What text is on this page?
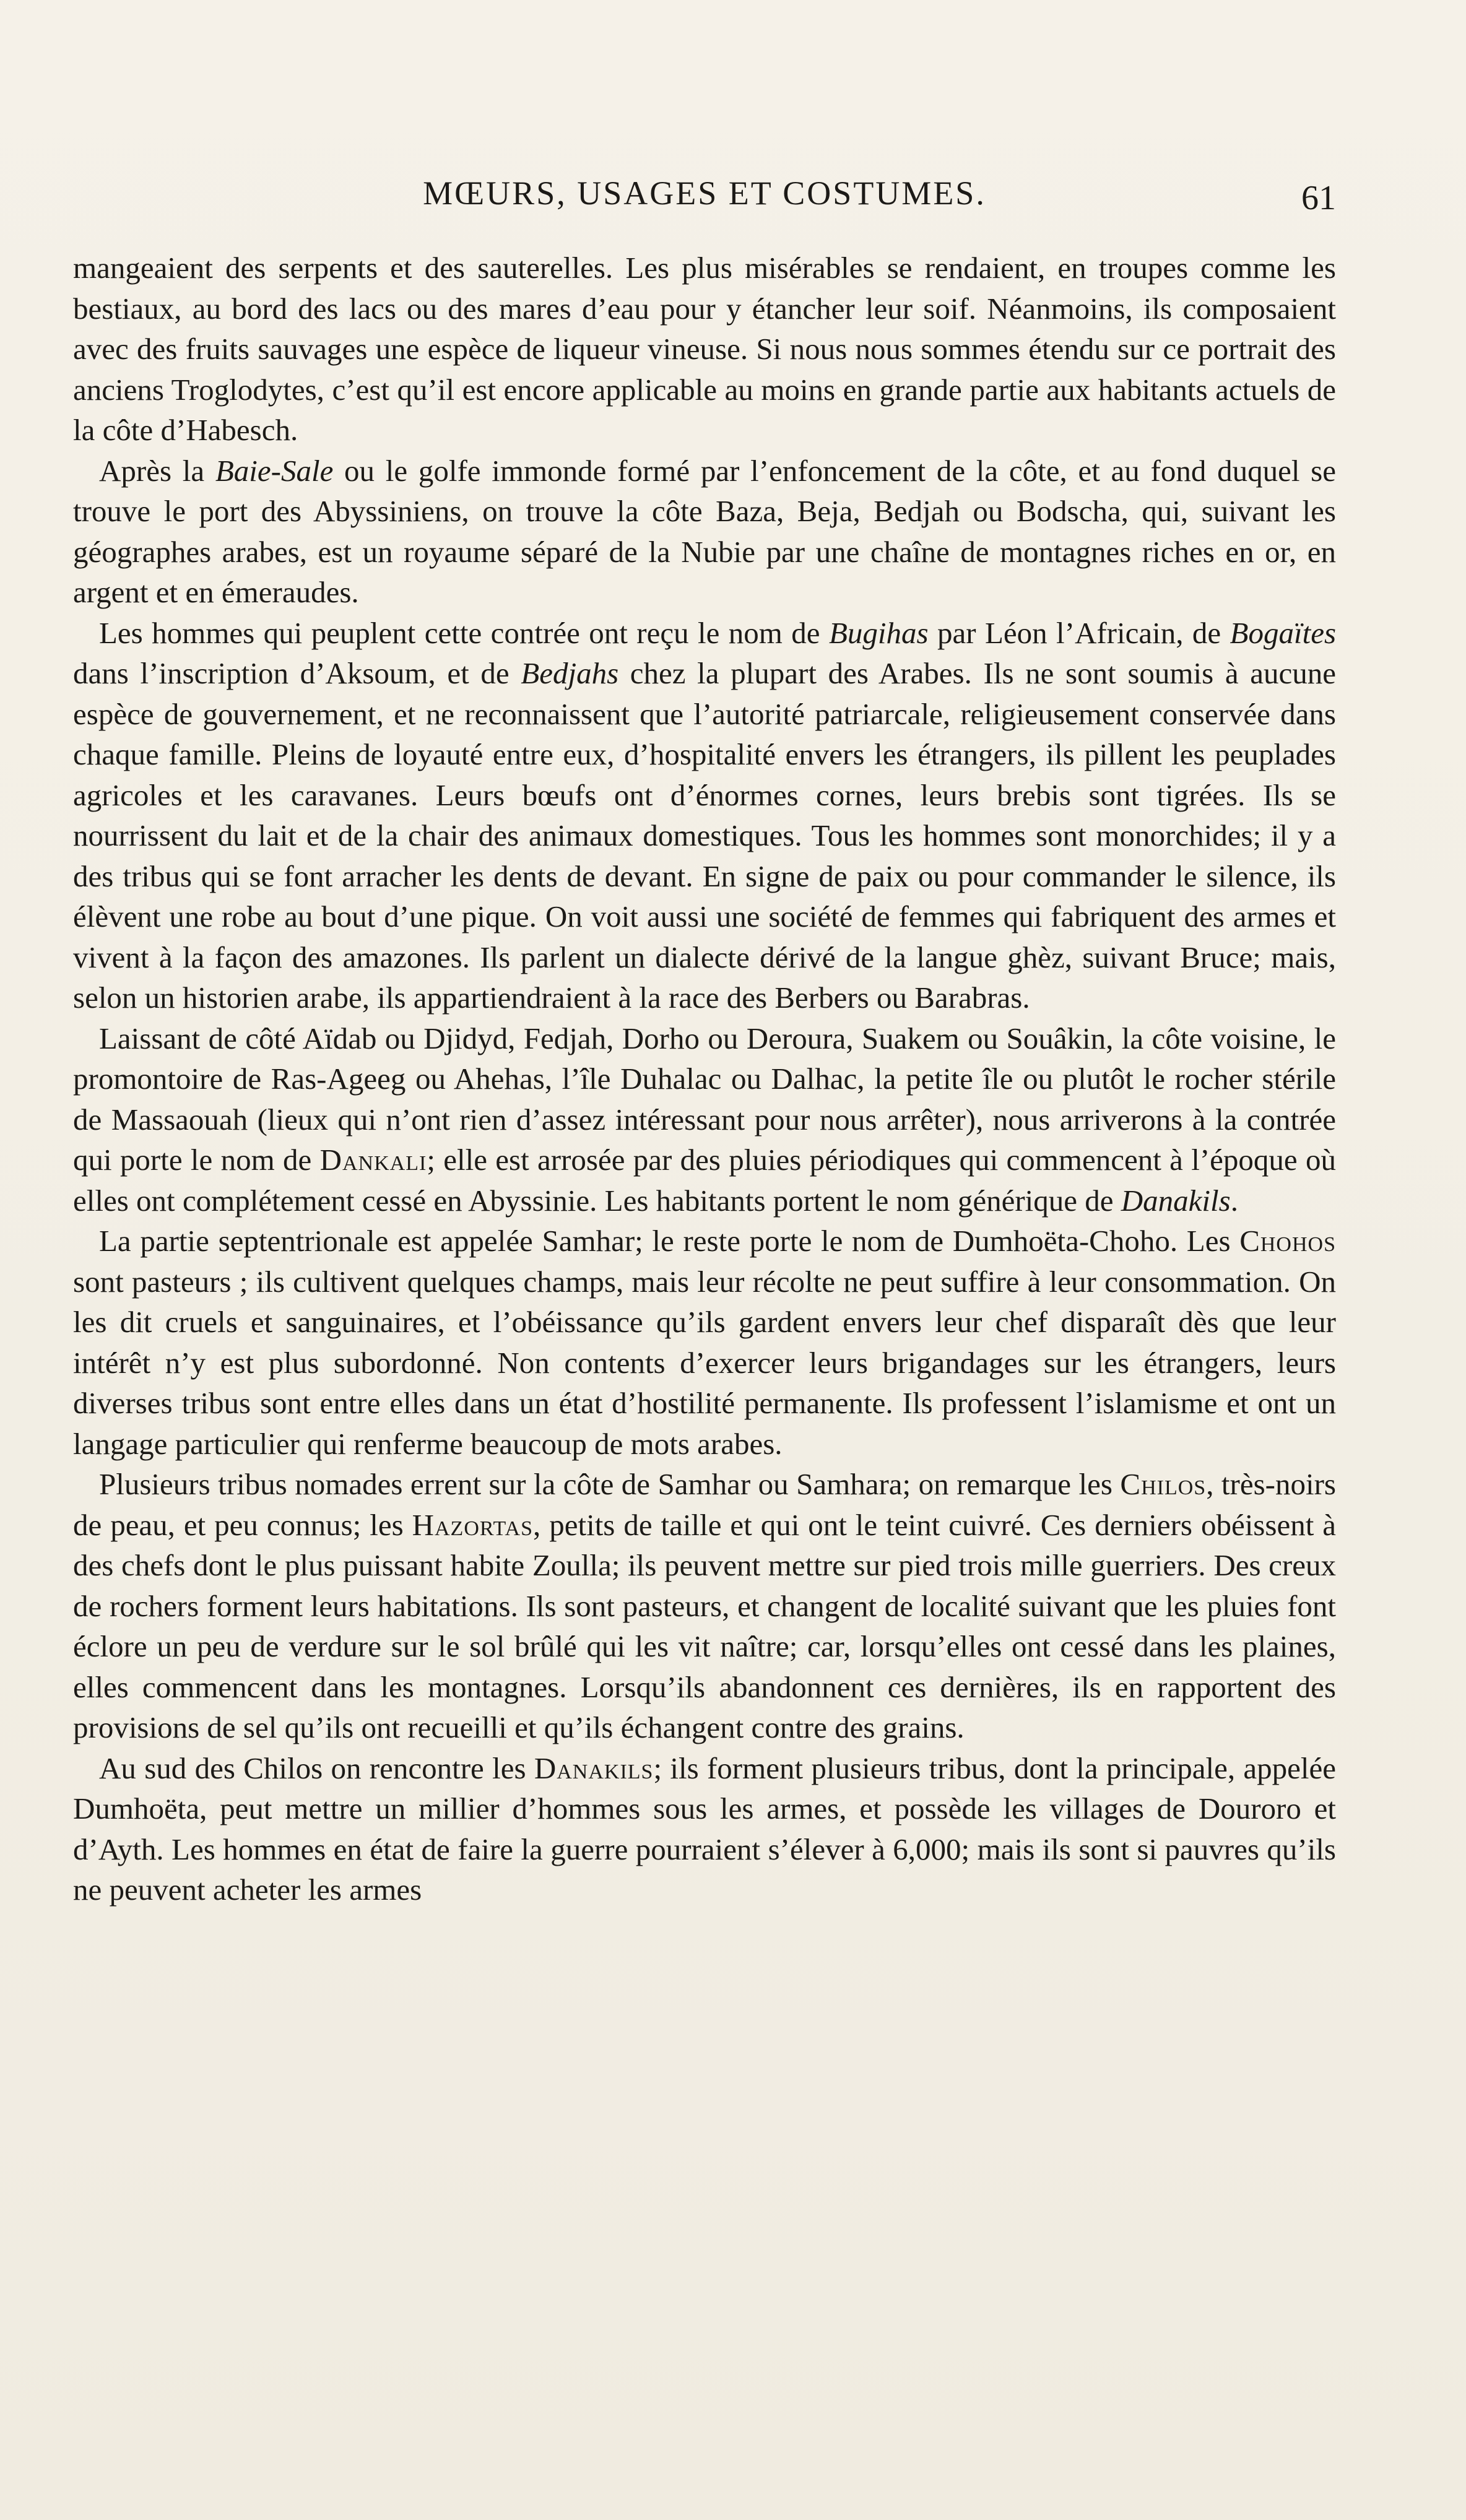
MŒURS, USAGES ET COSTUMES.	61

mangeaient des serpents et des sauterelles. Les plus misérables se rendaient, en troupes comme les bestiaux, au bord des lacs ou des mares d’eau pour y étancher leur soif. Néanmoins, ils composaient avec des fruits sauvages une espèce de liqueur vineuse. Si nous nous sommes étendu sur ce portrait des anciens Troglodytes, c’est qu’il est encore applicable au moins en grande partie aux habitants actuels de la côte d’Habesch.

Après la Baie-Sale ou le golfe immonde formé par l’enfoncement de la côte, et au fond duquel se trouve le port des Abyssiniens, on trouve la côte Baza, Beja, Bedjah ou Bodscha, qui, suivant les géographes arabes, est un royaume séparé de la Nubie par une chaîne de montagnes riches en or, en argent et en émeraudes.

Les hommes qui peuplent cette contrée ont reçu le nom de Bugihas par Léon l’Africain, de Bogaïtes dans l’inscription d’Aksoum, et de Bedjahs chez la plupart des Arabes. Ils ne sont soumis à aucune espèce de gouvernement, et ne reconnaissent que l’autorité patriarcale, religieusement conservée dans chaque famille. Pleins de loyauté entre eux, d’hospitalité envers les étrangers, ils pillent les peuplades agricoles et les caravanes. Leurs bœufs ont d’énormes cornes, leurs brebis sont tigrées. Ils se nourrissent du lait et de la chair des animaux domestiques. Tous les hommes sont monorchides; il y a des tribus qui se font arracher les dents de devant. En signe de paix ou pour commander le silence, ils élèvent une robe au bout d’une pique. On voit aussi une société de femmes qui fabriquent des armes et vivent à la façon des amazones. Ils parlent un dialecte dérivé de la langue ghèz, suivant Bruce; mais, selon un historien arabe, ils appartiendraient à la race des Berbers ou Barabras.

Laissant de côté Aïdab ou Djidyd, Fedjah, Dorho ou Deroura, Suakem ou Souâkin, la côte voisine, le promontoire de Ras-Ageeg ou Ahehas, l’île Duhalac ou Dalhac, la petite île ou plutôt le rocher stérile de Massaouah (lieux qui n’ont rien d’assez intéressant pour nous arrêter), nous arriverons à la contrée qui porte le nom de Dankali; elle est arrosée par des pluies périodiques qui commencent à l’époque où elles ont complétement cessé en Abyssinie. Les habitants portent le nom générique de Danakils.

La partie septentrionale est appelée Samhar; le reste porte le nom de Dumhoëta-Choho. Les Chohos sont pasteurs ; ils cultivent quelques champs, mais leur récolte ne peut suffire à leur consommation. On les dit cruels et sanguinaires, et l’obéissance qu’ils gardent envers leur chef disparaît dès que leur intérêt n’y est plus subordonné. Non contents d’exercer leurs brigandages sur les étrangers, leurs diverses tribus sont entre elles dans un état d’hostilité permanente. Ils professent l’islamisme et ont un langage particulier qui renferme beaucoup de mots arabes.

Plusieurs tribus nomades errent sur la côte de Samhar ou Samhara; on remarque les Chilos, très-noirs de peau, et peu connus; les Hazortas, petits de taille et qui ont le teint cuivré. Ces derniers obéissent à des chefs dont le plus puissant habite Zoulla; ils peuvent mettre sur pied trois mille guerriers. Des creux de rochers forment leurs habitations. Ils sont pasteurs, et changent de localité suivant que les pluies font éclore un peu de verdure sur le sol brûlé qui les vit naître; car, lorsqu’elles ont cessé dans les plaines, elles commencent dans les montagnes. Lorsqu’ils abandonnent ces dernières, ils en rapportent des provisions de sel qu’ils ont recueilli et qu’ils échangent contre des grains.

Au sud des Chilos on rencontre les Danakils; ils forment plusieurs tribus, dont la principale, appelée Dumhoëta, peut mettre un millier d’hommes sous les armes, et possède les villages de Douroro et d’Ayth. Les hommes en état de faire la guerre pourraient s’élever à 6,000; mais ils sont si pauvres qu’ils ne peuvent acheter les armes
